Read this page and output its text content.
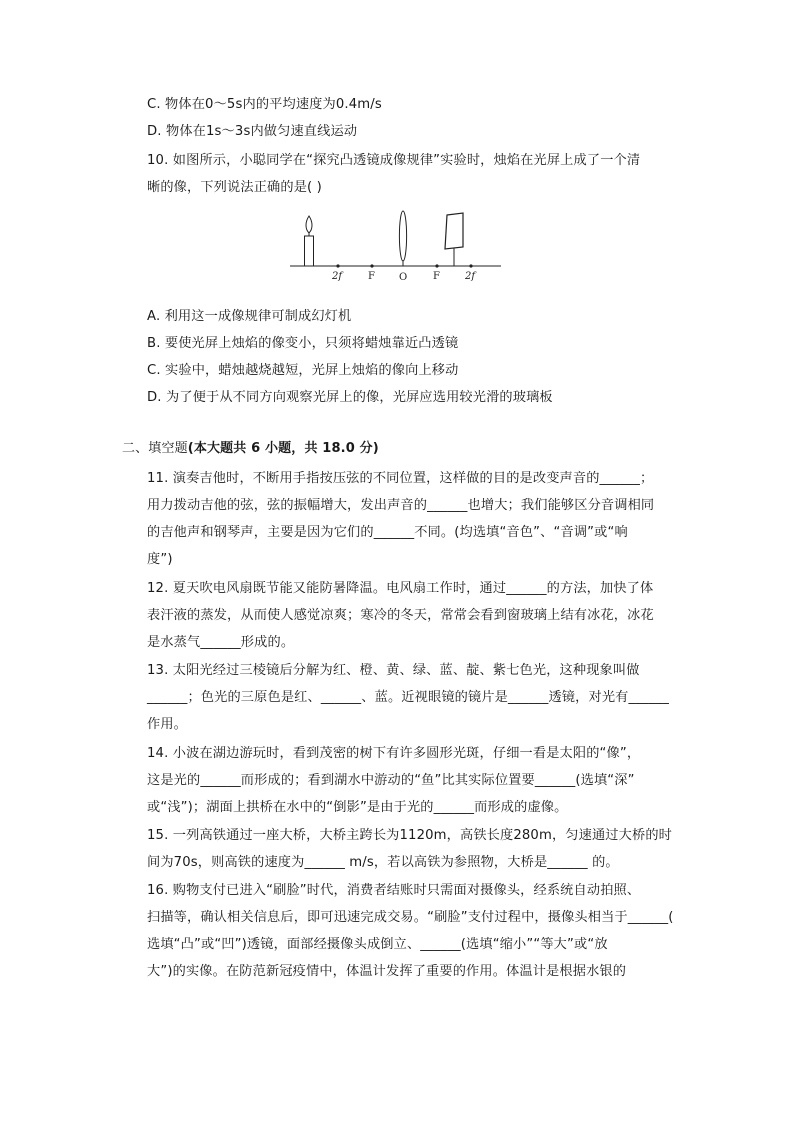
C. 物体在0～5s内的平均速度为0.4m/s
D. 物体在1s～3s内做匀速直线运动
10. 如图所示，小聪同学在“探究凸透镜成像规律”实验时，烛焰在光屏上成了一个清
晰的像，下列说法正确的是( )
2f	F O	F	2f
A. 利用这一成像规律可制成幻灯机
B. 要使光屏上烛焰的像变小，只须将蜡烛靠近凸透镜
C. 实验中，蜡烛越烧越短，光屏上烛焰的像向上移动
D. 为了便于从不同方向观察光屏上的像，光屏应选用较光滑的玻璃板
二、填空题(本大题共 6 小题，共 18.0 分)
11. 演奏吉他时，不断用手指按压弦的不同位置，这样做的目的是改变声音的______；
用力拨动吉他的弦，弦的振幅增大，发出声音的______也增大；我们能够区分音调相同
的吉他声和钢琴声，主要是因为它们的______不同。(均选填“音色”、“音调”或“响
度”)
12. 夏天吹电风扇既节能又能防暑降温。电风扇工作时，通过______的方法，加快了体
表汗液的蒸发，从而使人感觉凉爽；寒冷的冬天，常常会看到窗玻璃上结有冰花，冰花
是水蒸气______形成的。
13. 太阳光经过三棱镜后分解为红、橙、黄、绿、蓝、靛、紫七色光，这种现象叫做
______；色光的三原色是红、______、蓝。近视眼镜的镜片是______透镜，对光有______
作用。
14. 小波在湖边游玩时，看到茂密的树下有许多圆形光斑，仔细一看是太阳的“像”，
这是光的______而形成的；看到湖水中游动的“鱼”比其实际位置要______(选填“深”
或“浅”)；湖面上拱桥在水中的“倒影”是由于光的______而形成的虚像。
15. 一列高铁通过一座大桥，大桥主跨长为1120m，高铁长度280m，匀速通过大桥的时
间为70s，则高铁的速度为______ m/s，若以高铁为参照物，大桥是______ 的。
16. 购物支付已进入“刷脸”时代，消费者结账时只需面对摄像头，经系统自动拍照、
扫描等，确认相关信息后，即可迅速完成交易。“刷脸”支付过程中，摄像头相当于______(
选填“凸”或“凹”)透镜，面部经摄像头成倒立、______(选填“缩小”“等大”或“放
大”)的实像。在防范新冠疫情中，体温计发挥了重要的作用。体温计是根据水银的
